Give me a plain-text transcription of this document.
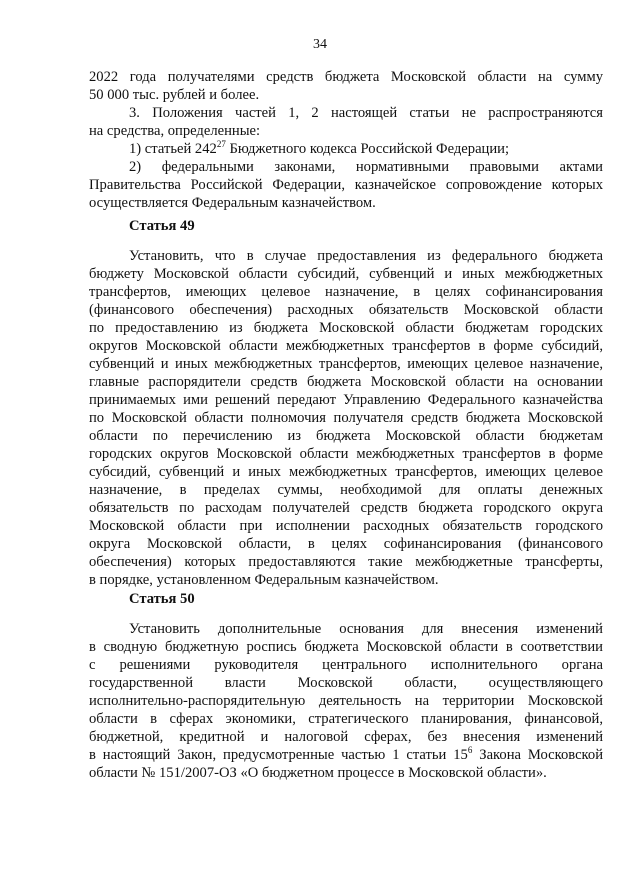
34

2022 года получателями средств бюджета Московской области на сумму

50 000 тыс. рублей и более.

3. Положения частей 1, 2 настоящей статьи не распространяются

на средства, определенные:

1) статьей $242^{27}$ Бюджетного кодекса Российской Федерации;

2) федеральными законами, нормативными правовыми актами

Правительства Российской Федерации, казначейское сопровождение которых

осуществляется Федеральным казначейством.

Статья 49

Установить, что в случае предоставления из федерального бюджета

бюджету Московской области субсидий, субвенций и иных межбюджетных

трансфертов, имеющих целевое назначение, в целях софинансирования

(финансового обеспечения) расходных обязательств Московской области

по предоставлению из бюджета Московской области бюджетам городских

округов Московской области межбюджетных трансфертов в форме субсидий,

субвенций и иных межбюджетных трансфертов, имеющих целевое назначение,

главные распорядители средств бюджета Московской области на основании

принимаемых ими решений передают Управлению Федерального казначейства

по Московской области полномочия получателя средств бюджета Московской

области по перечислению из бюджета Московской области бюджетам

городских округов Московской области межбюджетных трансфертов в форме

субсидий, субвенций и иных межбюджетных трансфертов, имеющих целевое

назначение, в пределах суммы, необходимой для оплаты денежных

обязательств по расходам получателей средств бюджета городского округа

Московской области при исполнении расходных обязательств городского

округа Московской области, в целях софинансирования (финансового

обеспечения) которых предоставляются такие межбюджетные трансферты,

в порядке, установленном Федеральным казначейством.

Статья 50

Установить дополнительные основания для внесения изменений

в сводную бюджетную роспись бюджета Московской области в соответствии

с решениями руководителя центрального исполнительного органа

государственной власти Московской области, осуществляющего

исполнительно-распорядительную деятельность на территории Московской

области в сферах экономики, стратегического планирования, финансовой,

бюджетной, кредитной и налоговой сферах, без внесения изменений

в настоящий Закон, предусмотренные частью 1 статьи $15^6$ Закона Московской

области № 151/2007-ОЗ «О бюджетном процессе в Московской области».
